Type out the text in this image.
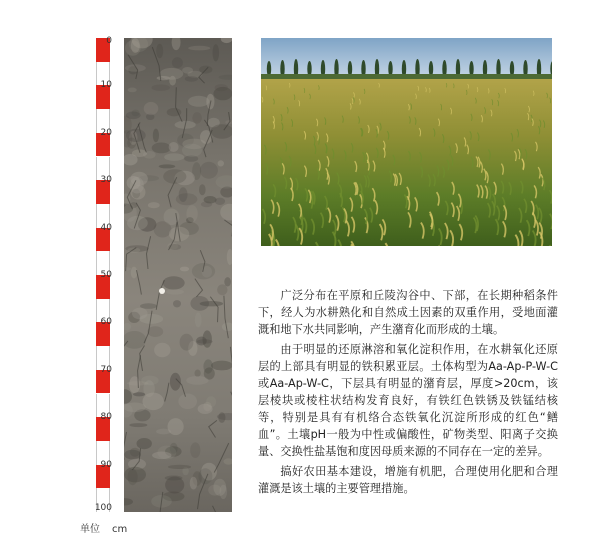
0
10
20
30
40
50
60
70
80
90
100
单位 cm

广泛分布在平原和丘陵沟谷中、下部，在长期种稻条件下，经人为水耕熟化和自然成土因素的双重作用，受地面灌溉和地下水共同影响，产生潴育化而形成的土壤。

由于明显的还原淋溶和氧化淀积作用，在水耕氧化还原层的上部具有明显的铁积累亚层。土体构型为Aa-Ap-P-W-C或Aa-Ap-W-C，下层具有明显的潴育层，厚度>20cm，该层棱块或棱柱状结构发育良好，有铁红色铁锈及铁锰结核等，特别是具有有机络合态铁氧化沉淀所形成的红色“鳝血”。土壤pH一般为中性或偏酸性，矿物类型、阳离子交换量、交换性盐基饱和度因母质来源的不同存在一定的差异。

搞好农田基本建设，增施有机肥，合理使用化肥和合理灌溉是该土壤的主要管理措施。
